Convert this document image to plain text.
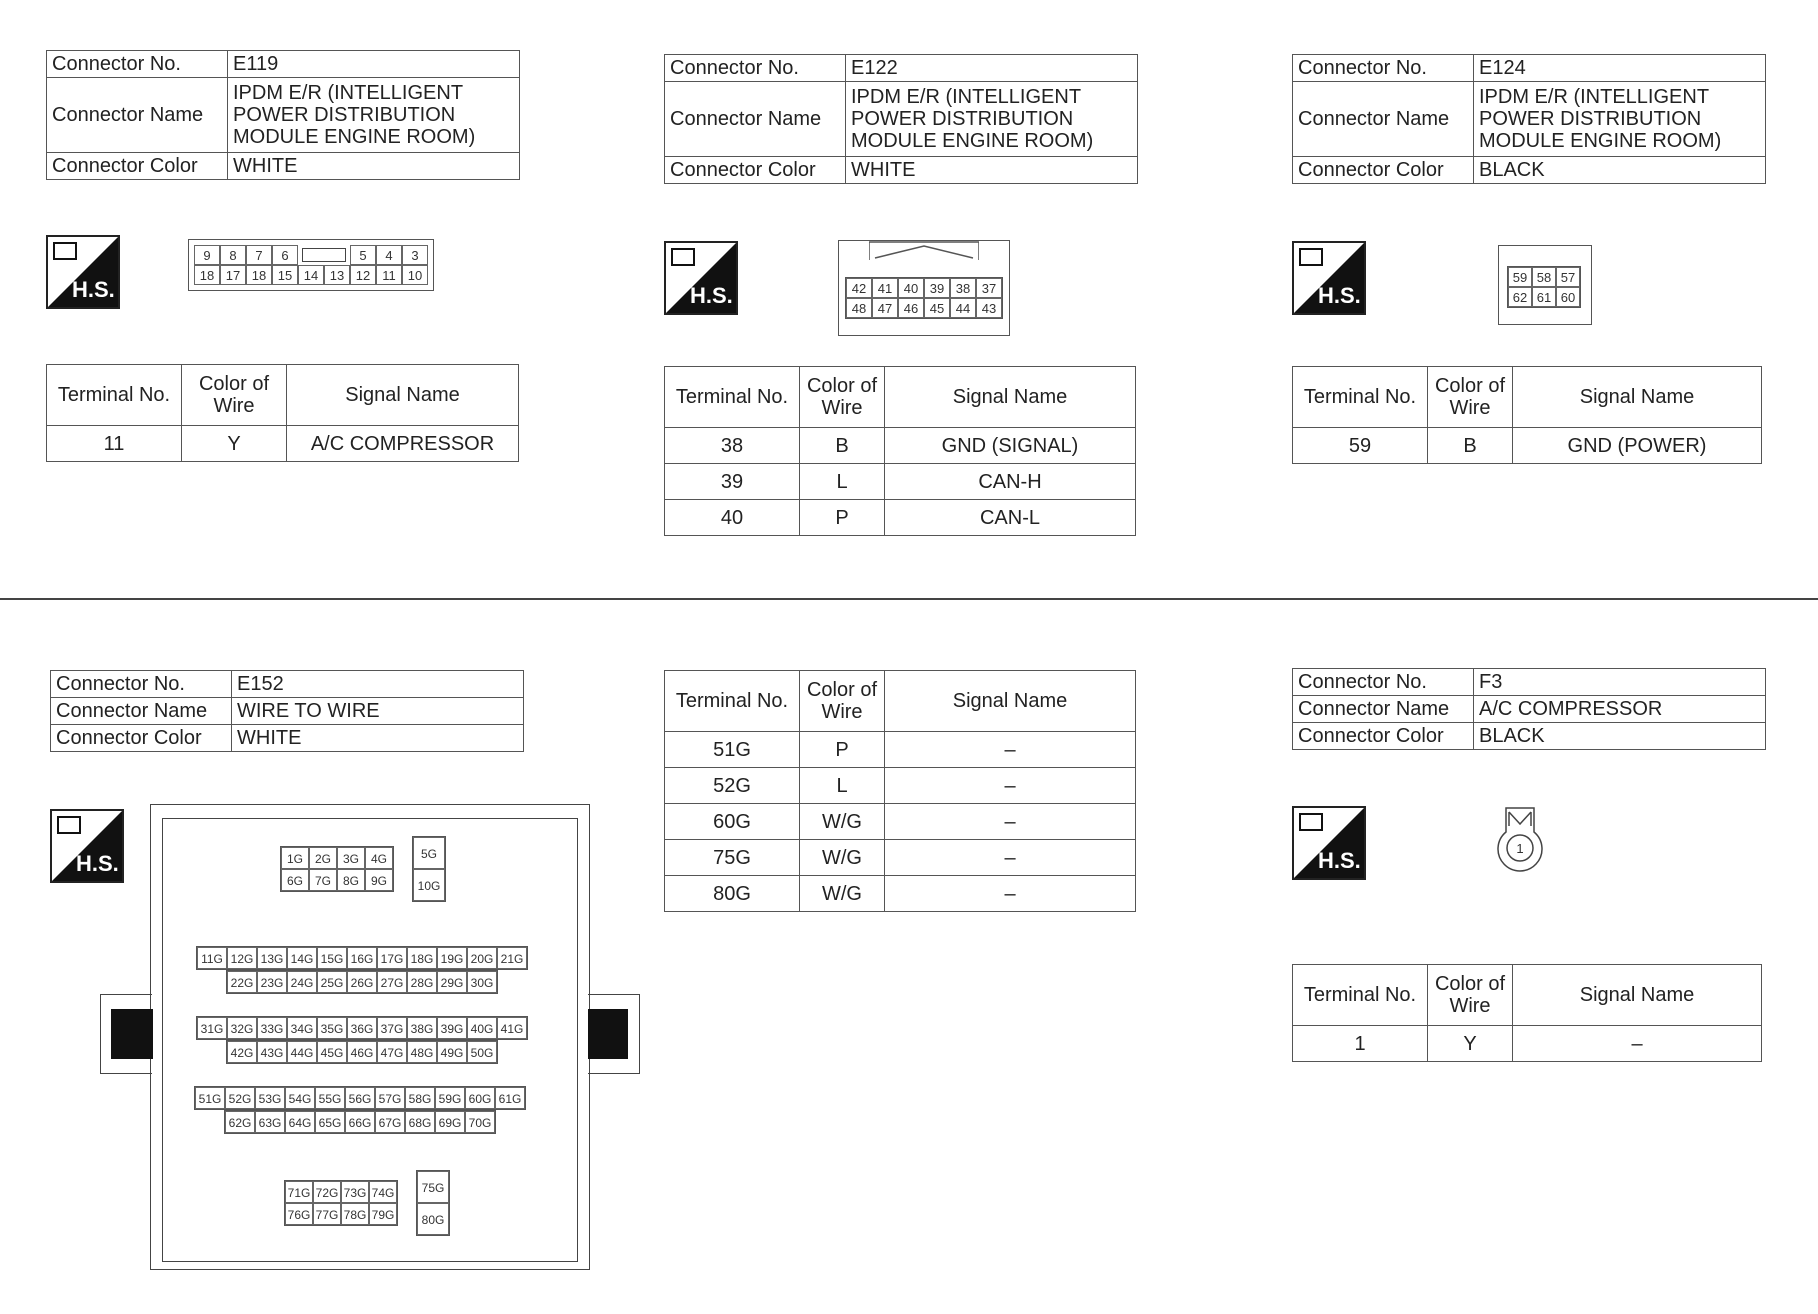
Connector No.	E119
Connector Name	IPDM E/R (INTELLIGENT POWER DISTRIBUTION MODULE ENGINE ROOM)
Connector Color	WHITE
H.S.
9	8	7	6	5	4	3
18 17 18 15 14 13 12 11 10
Terminal No.	Color of Wire	Signal Name
11	Y	A/C COMPRESSOR
Connector No.	E122
Connector Name	IPDM E/R (INTELLIGENT POWER DISTRIBUTION MODULE ENGINE ROOM)
Connector Color	WHITE
H.S.	42 41 40 39 38 37
48 47 46 45 44 43
Terminal No.	Color of Wire	Signal Name
38	B	GND (SIGNAL)
39	L	CAN-H
40	P	CAN-L
Connector No.	E124
Connector Name	IPDM E/R (INTELLIGENT POWER DISTRIBUTION MODULE ENGINE ROOM)
Connector Color	BLACK
H.S.
59 58 57
62 61 60
Terminal No.	Color of Wire	Signal Name
59	B	GND (POWER)
Connector No.	E152
Connector Name	WIRE TO WIRE
Connector Color	WHITE
H.S.	1G 2G 3G 4G
6G 7G 8G 9G
5G
10G
11G 12G 13G 14G 15G 16G 17G 18G 19G 20G 21G
22G 23G 24G 25G 26G 27G 28G 29G 30G
31G 32G 33G 34G 35G 36G 37G 38G 39G 40G 41G
42G 43G 44G 45G 46G 47G 48G 49G 50G
51G 52G 53G 54G 55G 56G 57G 58G 59G 60G 61G
62G 63G 64G 65G 66G 67G 68G 69G 70G
71G 72G 73G 74G
76G 77G 78G 79G
75G
80G
Terminal No.	Color of Wire	Signal Name
51G	P	–
52G	L	–
60G	W/G	–
75G	W/G	–
80G	W/G	–
Connector No.	F3
Connector Name	A/C COMPRESSOR
Connector Color	BLACK
H.S.	1
Terminal No.	Color of Wire	Signal Name
1	Y	–
